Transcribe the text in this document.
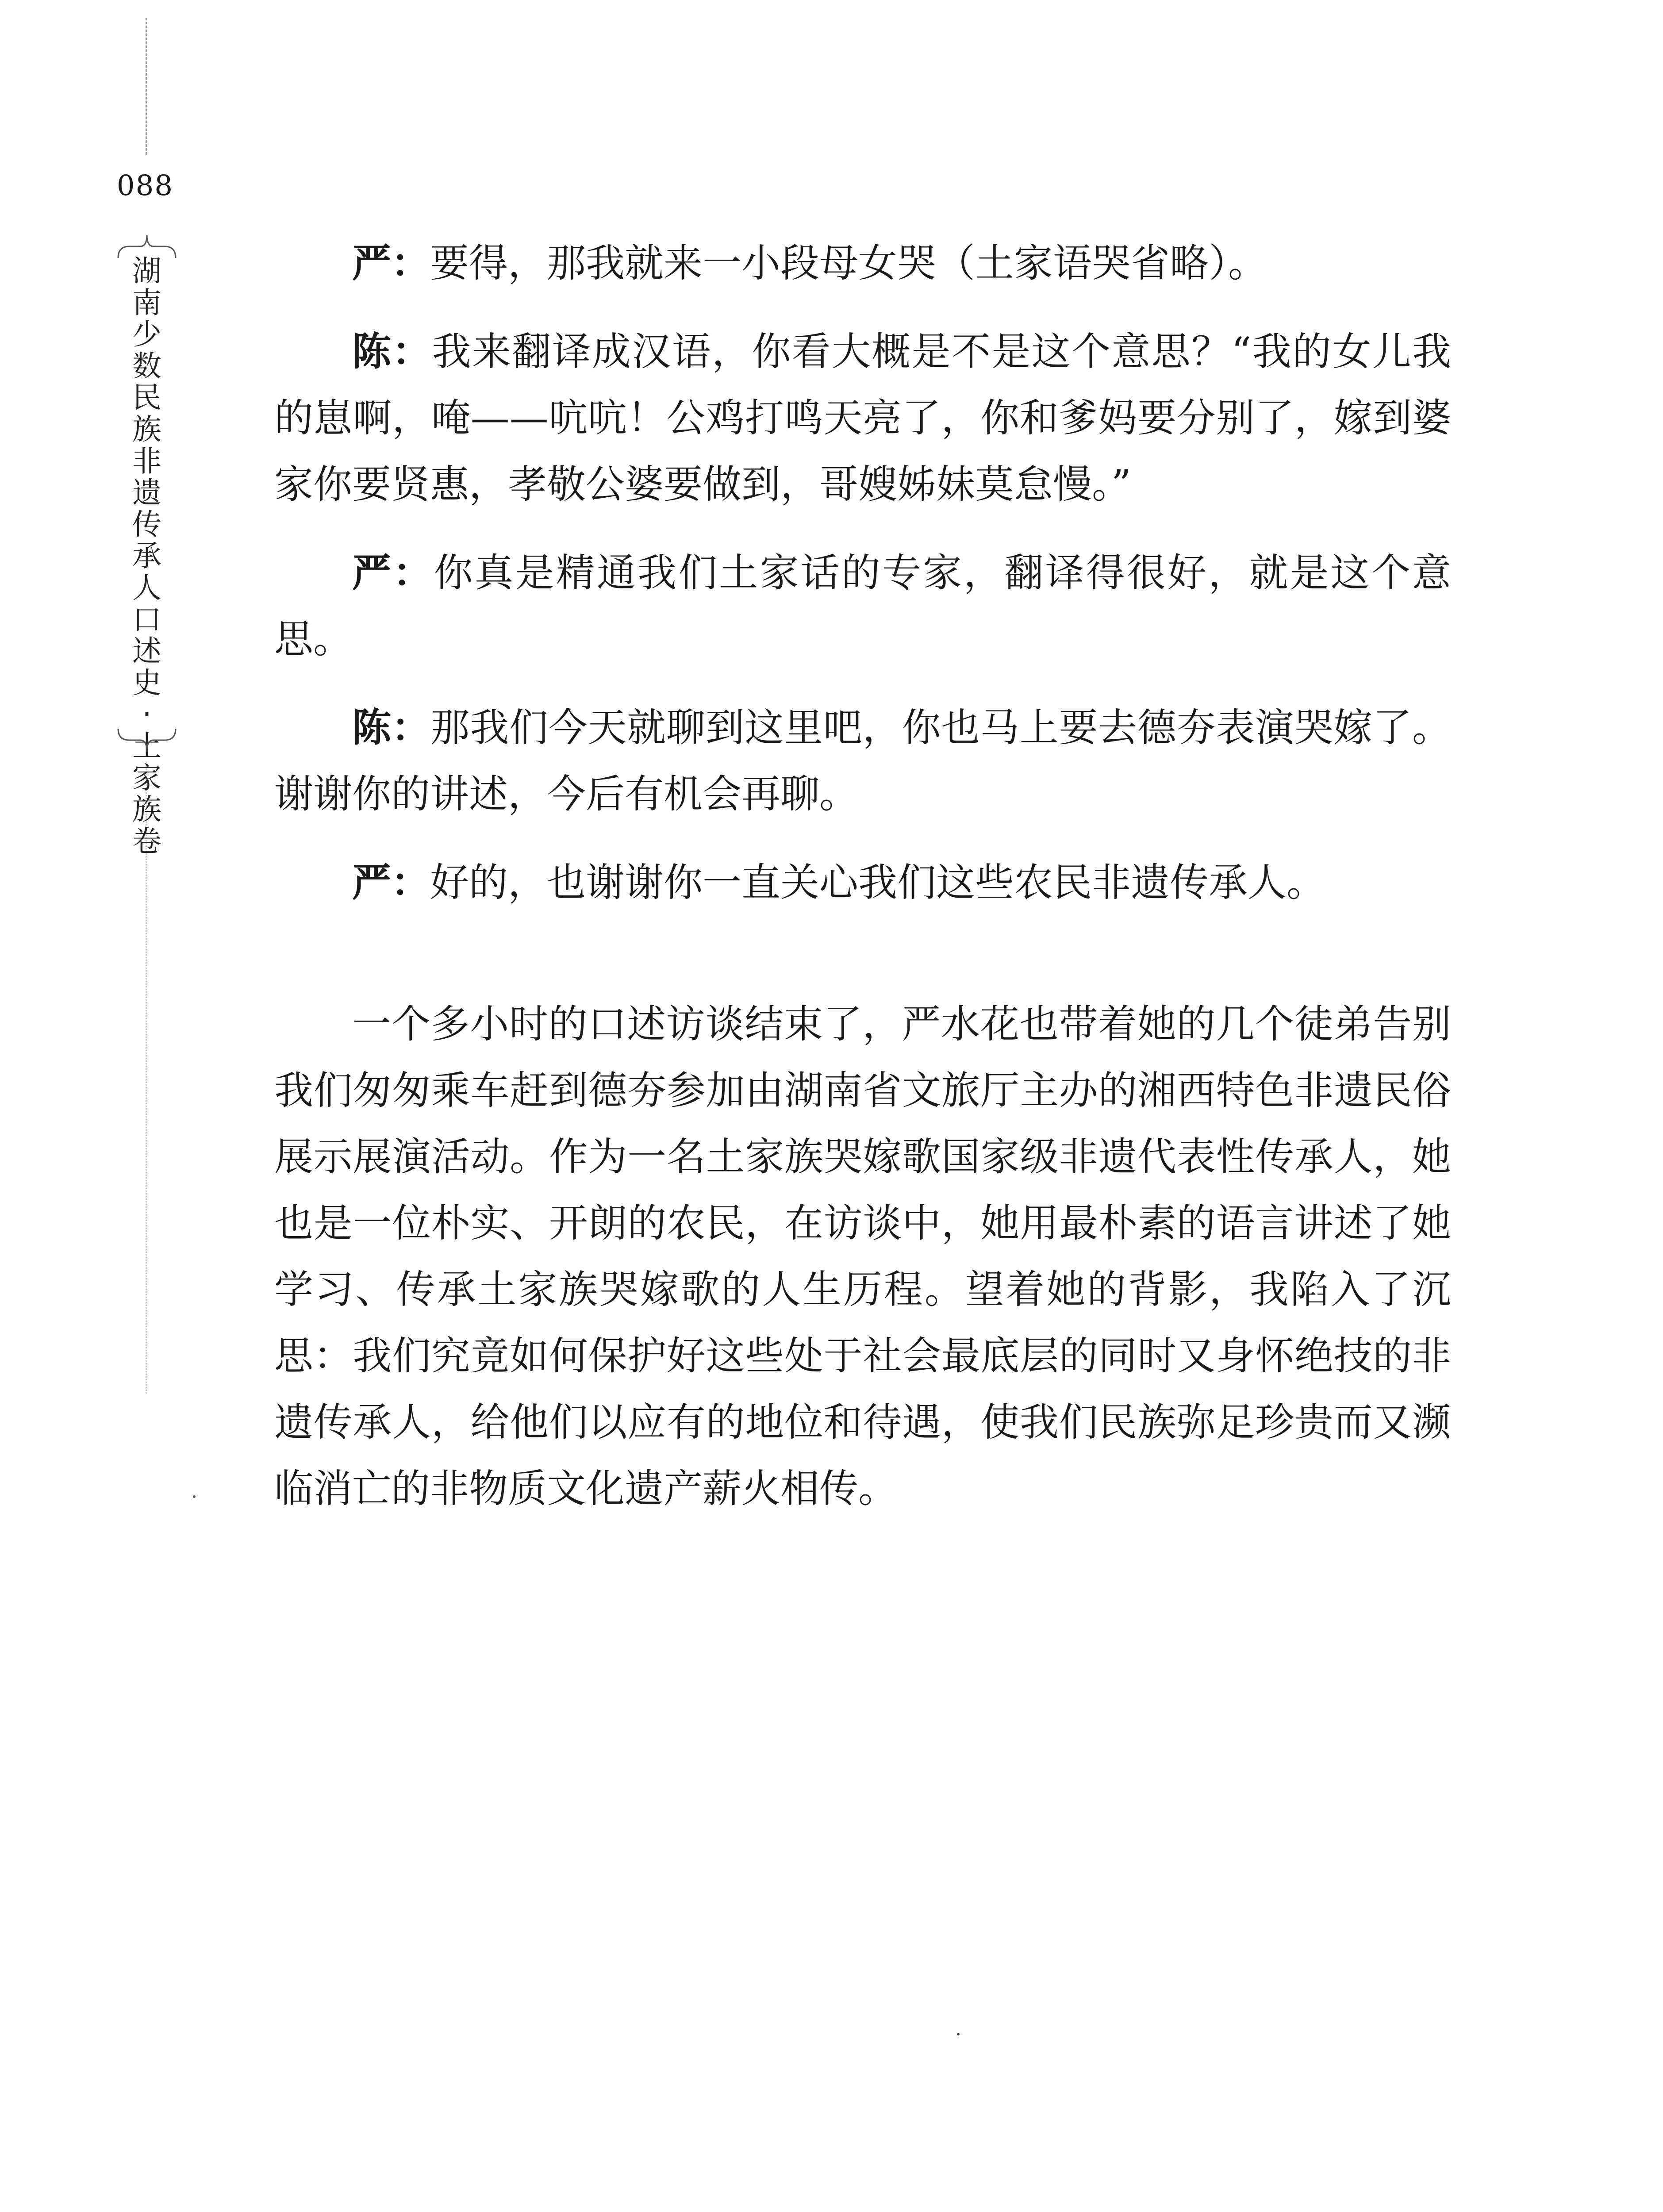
088
湖南少数民族非遗传承人口述史·土家族卷

严：要得，那我就来一小段母女哭（土家语哭省略）。

陈：我来翻译成汉语，你看大概是不是这个意思？“我的女儿我的崽啊，唵——吭吭！公鸡打鸣天亮了，你和爹妈要分别了，嫁到婆家你要贤惠，孝敬公婆要做到，哥嫂姊妹莫怠慢。”

严：你真是精通我们土家话的专家，翻译得很好，就是这个意思。

陈：那我们今天就聊到这里吧，你也马上要去德夯表演哭嫁了。谢谢你的讲述，今后有机会再聊。

严：好的，也谢谢你一直关心我们这些农民非遗传承人。

一个多小时的口述访谈结束了，严水花也带着她的几个徒弟告别我们匆匆乘车赶到德夯参加由湖南省文旅厅主办的湘西特色非遗民俗展示展演活动。作为一名土家族哭嫁歌国家级非遗代表性传承人，她也是一位朴实、开朗的农民，在访谈中，她用最朴素的语言讲述了她学习、传承土家族哭嫁歌的人生历程。望着她的背影，我陷入了沉思：我们究竟如何保护好这些处于社会最底层的同时又身怀绝技的非遗传承人，给他们以应有的地位和待遇，使我们民族弥足珍贵而又濒临消亡的非物质文化遗产薪火相传。
